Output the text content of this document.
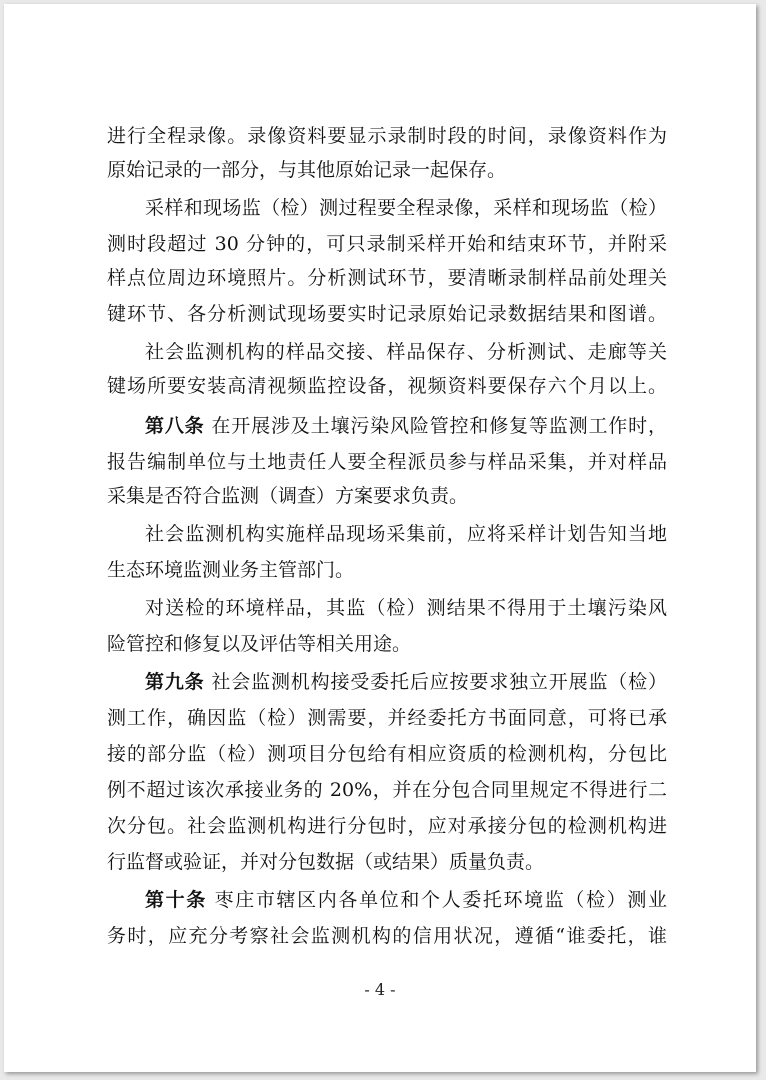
进行全程录像。录像资料要显示录制时段的时间，录像资料作为
原始记录的一部分，与其他原始记录一起保存。
采样和现场监（检）测过程要全程录像，采样和现场监（检）
测时段超过 30 分钟的，可只录制采样开始和结束环节，并附采
样点位周边环境照片。分析测试环节，要清晰录制样品前处理关
键环节、各分析测试现场要实时记录原始记录数据结果和图谱。
社会监测机构的样品交接、样品保存、分析测试、走廊等关
键场所要安装高清视频监控设备，视频资料要保存六个月以上。
第八条 在开展涉及土壤污染风险管控和修复等监测工作时，
报告编制单位与土地责任人要全程派员参与样品采集，并对样品
采集是否符合监测（调查）方案要求负责。
社会监测机构实施样品现场采集前，应将采样计划告知当地
生态环境监测业务主管部门。
对送检的环境样品，其监（检）测结果不得用于土壤污染风
险管控和修复以及评估等相关用途。
第九条 社会监测机构接受委托后应按要求独立开展监（检）
测工作，确因监（检）测需要，并经委托方书面同意，可将已承
接的部分监（检）测项目分包给有相应资质的检测机构，分包比
例不超过该次承接业务的 20%，并在分包合同里规定不得进行二
次分包。社会监测机构进行分包时，应对承接分包的检测机构进
行监督或验证，并对分包数据（或结果）质量负责。
第十条 枣庄市辖区内各单位和个人委托环境监（检）测业
务时，应充分考察社会监测机构的信用状况，遵循“谁委托，谁
- 4 -
